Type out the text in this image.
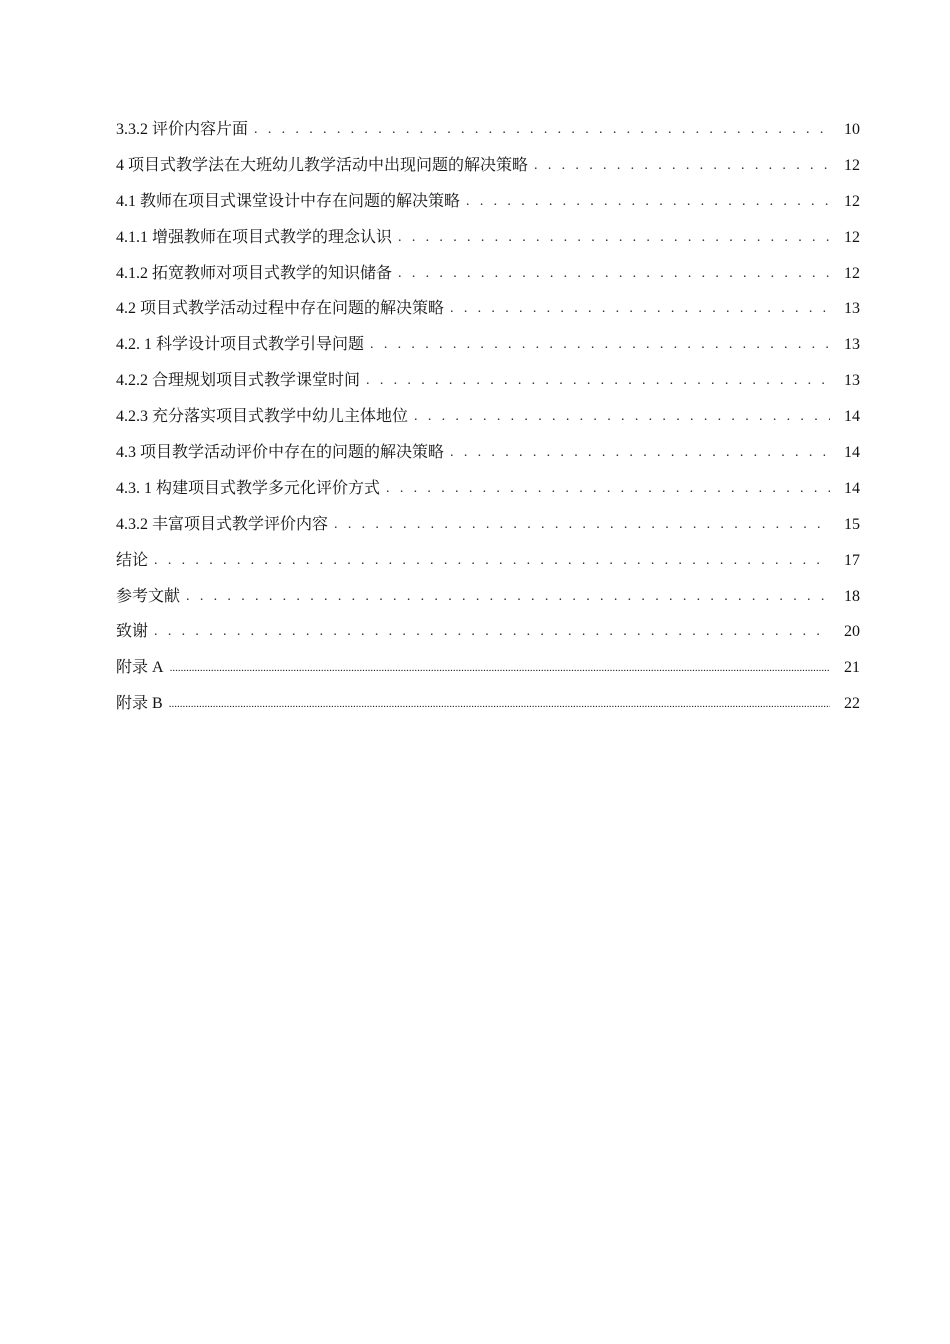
3.3.2 评价内容片面 . . .	10
4 项目式教学法在大班幼儿教学活动中出现问题的解决策略 . . .	12
4.1 教师在项目式课堂设计中存在问题的解决策略 . . .	12
4.1.1 增强教师在项目式教学的理念认识 . . .	12
4.1.2 拓宽教师对项目式教学的知识储备 . . .	12
4.2 项目式教学活动过程中存在问题的解决策略 . . .	13
4.2. 1 科学设计项目式教学引导问题 . . .	13
4.2.2 合理规划项目式教学课堂时间 . . .	13
4.2.3 充分落实项目式教学中幼儿主体地位 . . .	14
4.3 项目教学活动评价中存在的问题的解决策略 . . .	14
4.3. 1 构建项目式教学多元化评价方式 . . .	14
4.3.2 丰富项目式教学评价内容 . . .	15
结论 . . .	17
参考文献 . . .	18
致谢 . . .	20
附录 A .....	21
附录 B .....	22
